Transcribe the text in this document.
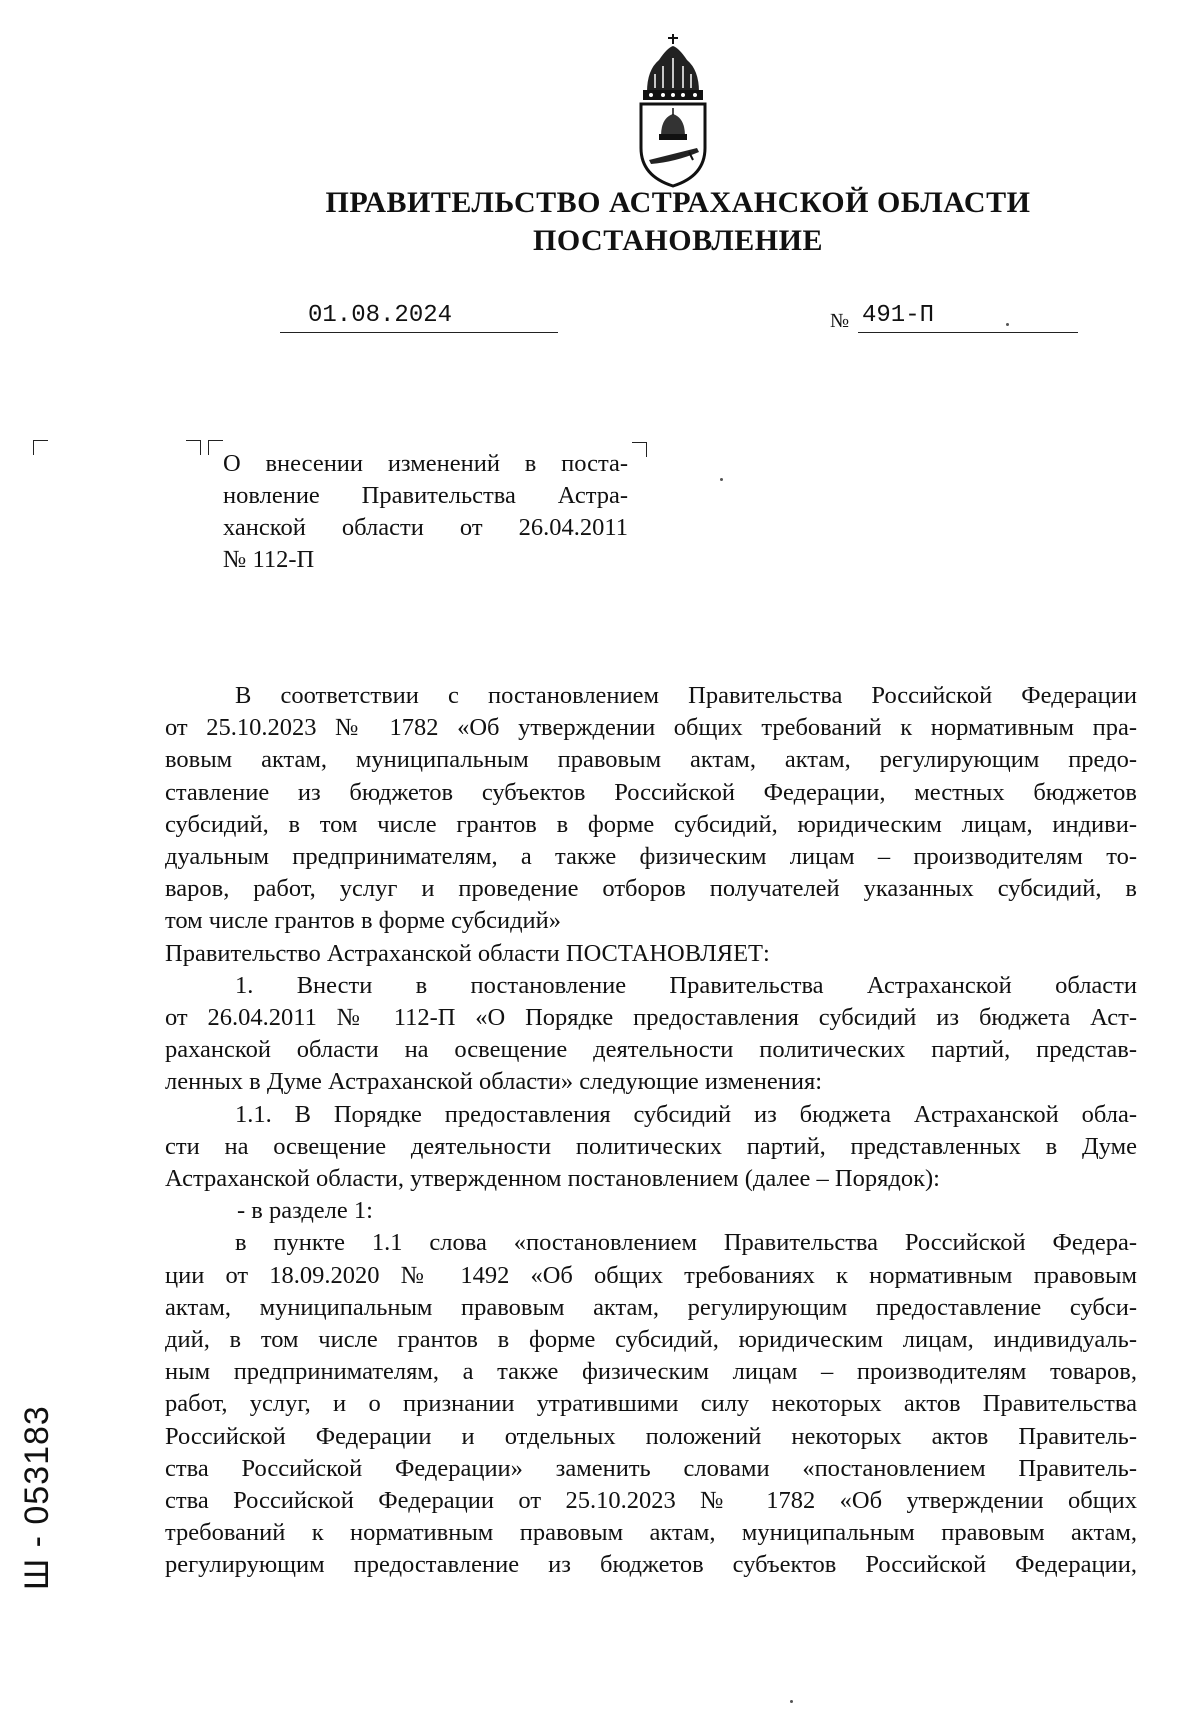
ПРАВИТЕЛЬСТВО АСТРАХАНСКОЙ ОБЛАСТИ
ПОСТАНОВЛЕНИЕ
01.08.2024	№ 491-П
О внесении изменений в поста-
новление Правительства Астра-
ханской области от 26.04.2011
№ 112-П
В соответствии с постановлением Правительства Российской Федерации
от 25.10.2023 № 1782 «Об утверждении общих требований к нормативным пра-
вовым актам, муниципальным правовым актам, актам, регулирующим предо-
ставление из бюджетов субъектов Российской Федерации, местных бюджетов
субсидий, в том числе грантов в форме субсидий, юридическим лицам, индиви-
дуальным предпринимателям, а также физическим лицам – производителям то-
варов, работ, услуг и проведение отборов получателей указанных субсидий, в
том числе грантов в форме субсидий»
Правительство Астраханской области ПОСТАНОВЛЯЕТ:
1. Внести в постановление Правительства Астраханской области
от 26.04.2011 № 112-П «О Порядке предоставления субсидий из бюджета Аст-
раханской области на освещение деятельности политических партий, представ-
ленных в Думе Астраханской области» следующие изменения:
1.1. В Порядке предоставления субсидий из бюджета Астраханской обла-
сти на освещение деятельности политических партий, представленных в Думе
Астраханской области, утвержденном постановлением (далее – Порядок):
- в разделе 1:
в пункте 1.1 слова «постановлением Правительства Российской Федера-
ции от 18.09.2020 № 1492 «Об общих требованиях к нормативным правовым
актам, муниципальным правовым актам, регулирующим предоставление субси-
дий, в том числе грантов в форме субсидий, юридическим лицам, индивидуаль-
ным предпринимателям, а также физическим лицам – производителям товаров,
работ, услуг, и о признании утратившими силу некоторых актов Правительства
Российской Федерации и отдельных положений некоторых актов Правитель-
ства Российской Федерации» заменить словами «постановлением Правитель-
ства Российской Федерации от 25.10.2023 № 1782 «Об утверждении общих
требований к нормативным правовым актам, муниципальным правовым актам,
регулирующим предоставление из бюджетов субъектов Российской Федерации,
Ш - 053183
